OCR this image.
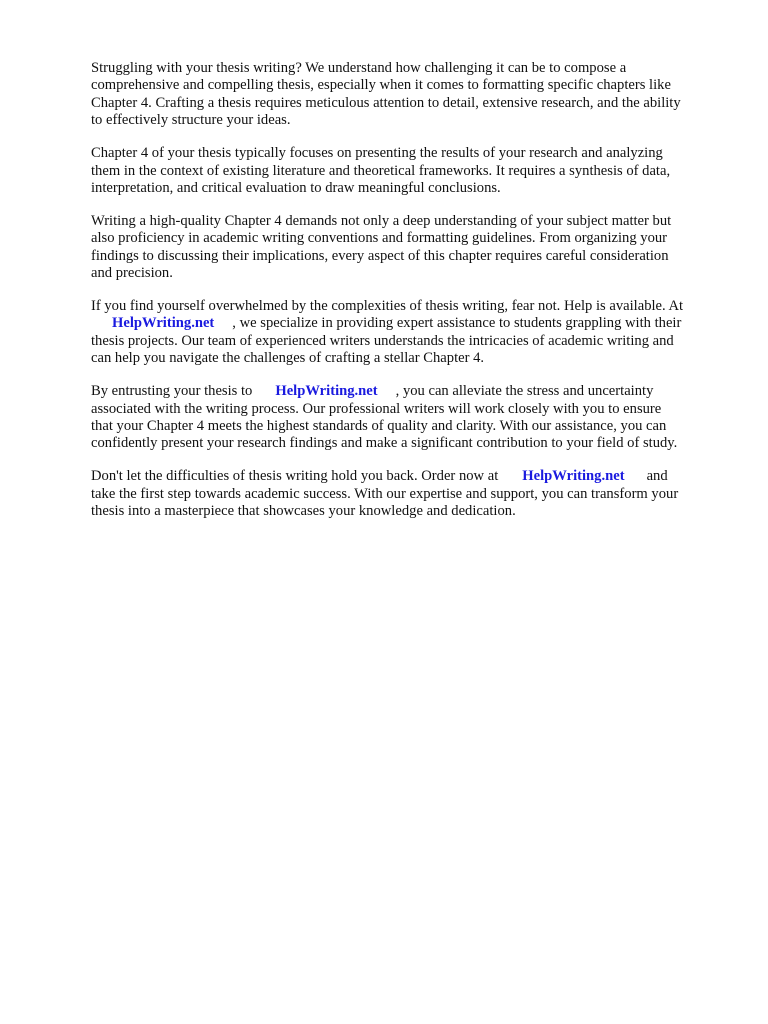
Struggling with your thesis writing? We understand how challenging it can be to compose a
comprehensive and compelling thesis, especially when it comes to formatting specific chapters like
Chapter 4. Crafting a thesis requires meticulous attention to detail, extensive research, and the ability
to effectively structure your ideas.

Chapter 4 of your thesis typically focuses on presenting the results of your research and analyzing
them in the context of existing literature and theoretical frameworks. It requires a synthesis of data,
interpretation, and critical evaluation to draw meaningful conclusions.

Writing a high-quality Chapter 4 demands not only a deep understanding of your subject matter but
also proficiency in academic writing conventions and formatting guidelines. From organizing your
findings to discussing their implications, every aspect of this chapter requires careful consideration
and precision.

If you find yourself overwhelmed by the complexities of thesis writing, fear not. Help is available. At
HelpWriting.net , we specialize in providing expert assistance to students grappling with their
thesis projects. Our team of experienced writers understands the intricacies of academic writing and
can help you navigate the challenges of crafting a stellar Chapter 4.

By entrusting your thesis to HelpWriting.net , you can alleviate the stress and uncertainty
associated with the writing process. Our professional writers will work closely with you to ensure
that your Chapter 4 meets the highest standards of quality and clarity. With our assistance, you can
confidently present your research findings and make a significant contribution to your field of study.

Don't let the difficulties of thesis writing hold you back. Order now at HelpWriting.net and
take the first step towards academic success. With our expertise and support, you can transform your
thesis into a masterpiece that showcases your knowledge and dedication.
